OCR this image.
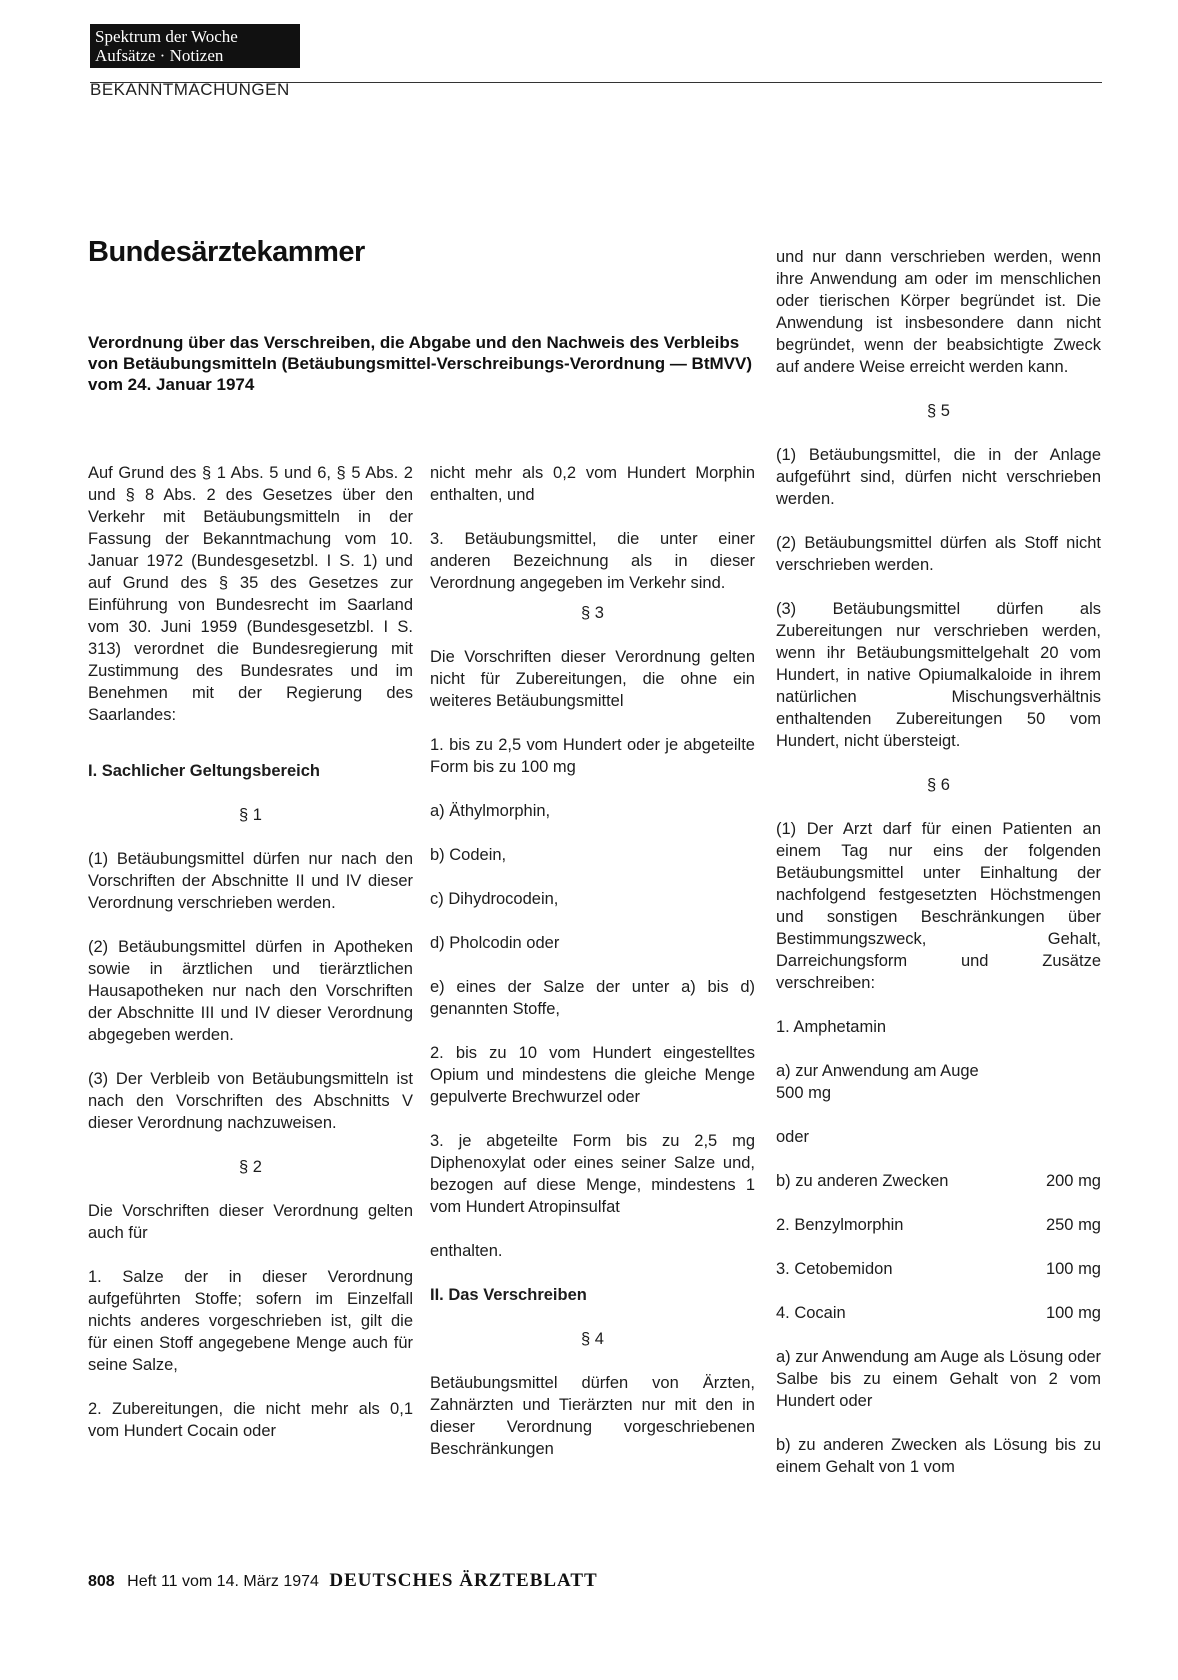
Spektrum der Woche
Aufsätze · Notizen
BEKANNTMACHUNGEN
Bundesärztekammer

Verordnung über das Verschreiben, die Abgabe und den Nachweis des Verbleibs von Betäubungsmitteln (Betäubungsmittel-Verschreibungs-Verordnung — BtMVV) vom 24. Januar 1974

Auf Grund des § 1 Abs. 5 und 6, § 5 Abs. 2 und § 8 Abs. 2 des Gesetzes über den Verkehr mit Betäubungsmitteln in der Fassung der Bekanntmachung vom 10. Januar 1972 (Bundesgesetzbl. I S. 1) und auf Grund des § 35 des Gesetzes zur Einführung von Bundesrecht im Saarland vom 30. Juni 1959 (Bundesgesetzbl. I S. 313) verordnet die Bundesregierung mit Zustimmung des Bundesrates und im Benehmen mit der Regierung des Saarlandes:

I. Sachlicher Geltungsbereich

§ 1

(1) Betäubungsmittel dürfen nur nach den Vorschriften der Abschnitte II und IV dieser Verordnung verschrieben werden.

(2) Betäubungsmittel dürfen in Apotheken sowie in ärztlichen und tierärztlichen Hausapotheken nur nach den Vorschriften der Abschnitte III und IV dieser Verordnung abgegeben werden.

(3) Der Verbleib von Betäubungsmitteln ist nach den Vorschriften des Abschnitts V dieser Verordnung nachzuweisen.

§ 2

Die Vorschriften dieser Verordnung gelten auch für

1. Salze der in dieser Verordnung aufgeführten Stoffe; sofern im Einzelfall nichts anderes vorgeschrieben ist, gilt die für einen Stoff angegebene Menge auch für seine Salze,

2. Zubereitungen, die nicht mehr als 0,1 vom Hundert Cocain oder

nicht mehr als 0,2 vom Hundert Morphin enthalten, und

3. Betäubungsmittel, die unter einer anderen Bezeichnung als in dieser Verordnung angegeben im Verkehr sind.

§ 3

Die Vorschriften dieser Verordnung gelten nicht für Zubereitungen, die ohne ein weiteres Betäubungsmittel

1. bis zu 2,5 vom Hundert oder je abgeteilte Form bis zu 100 mg

a) Äthylmorphin,

b) Codein,

c) Dihydrocodein,

d) Pholcodin oder

e) eines der Salze der unter a) bis d) genannten Stoffe,

2. bis zu 10 vom Hundert eingestelltes Opium und mindestens die gleiche Menge gepulverte Brechwurzel oder

3. je abgeteilte Form bis zu 2,5 mg Diphenoxylat oder eines seiner Salze und, bezogen auf diese Menge, mindestens 1 vom Hundert Atropinsulfat

enthalten.

II. Das Verschreiben

§ 4

Betäubungsmittel dürfen von Ärzten, Zahnärzten und Tierärzten nur mit den in dieser Verordnung vorgeschriebenen Beschränkungen

und nur dann verschrieben werden, wenn ihre Anwendung am oder im menschlichen oder tierischen Körper begründet ist. Die Anwendung ist insbesondere dann nicht begründet, wenn der beabsichtigte Zweck auf andere Weise erreicht werden kann.

§ 5

(1) Betäubungsmittel, die in der Anlage aufgeführt sind, dürfen nicht verschrieben werden.

(2) Betäubungsmittel dürfen als Stoff nicht verschrieben werden.

(3) Betäubungsmittel dürfen als Zubereitungen nur verschrieben werden, wenn ihr Betäubungsmittelgehalt 20 vom Hundert, in native Opiumalkaloide in ihrem natürlichen Mischungsverhältnis enthaltenden Zubereitungen 50 vom Hundert, nicht übersteigt.

§ 6

(1) Der Arzt darf für einen Patienten an einem Tag nur eins der folgenden Betäubungsmittel unter Einhaltung der nachfolgend festgesetzten Höchstmengen und sonstigen Beschränkungen über Bestimmungszweck, Gehalt, Darreichungsform und Zusätze verschreiben:

1. Amphetamin

a) zur Anwendung am Auge

500 mg

oder

b) zu anderen Zwecken	200 mg
2. Benzylmorphin	250 mg
3. Cetobemidon	100 mg
4. Cocain	100 mg

a) zur Anwendung am Auge als Lösung oder Salbe bis zu einem Gehalt von 2 vom Hundert oder

b) zu anderen Zwecken als Lösung bis zu einem Gehalt von 1 vom

808 Heft 11 vom 14. März 1974 DEUTSCHES ÄRZTEBLATT
